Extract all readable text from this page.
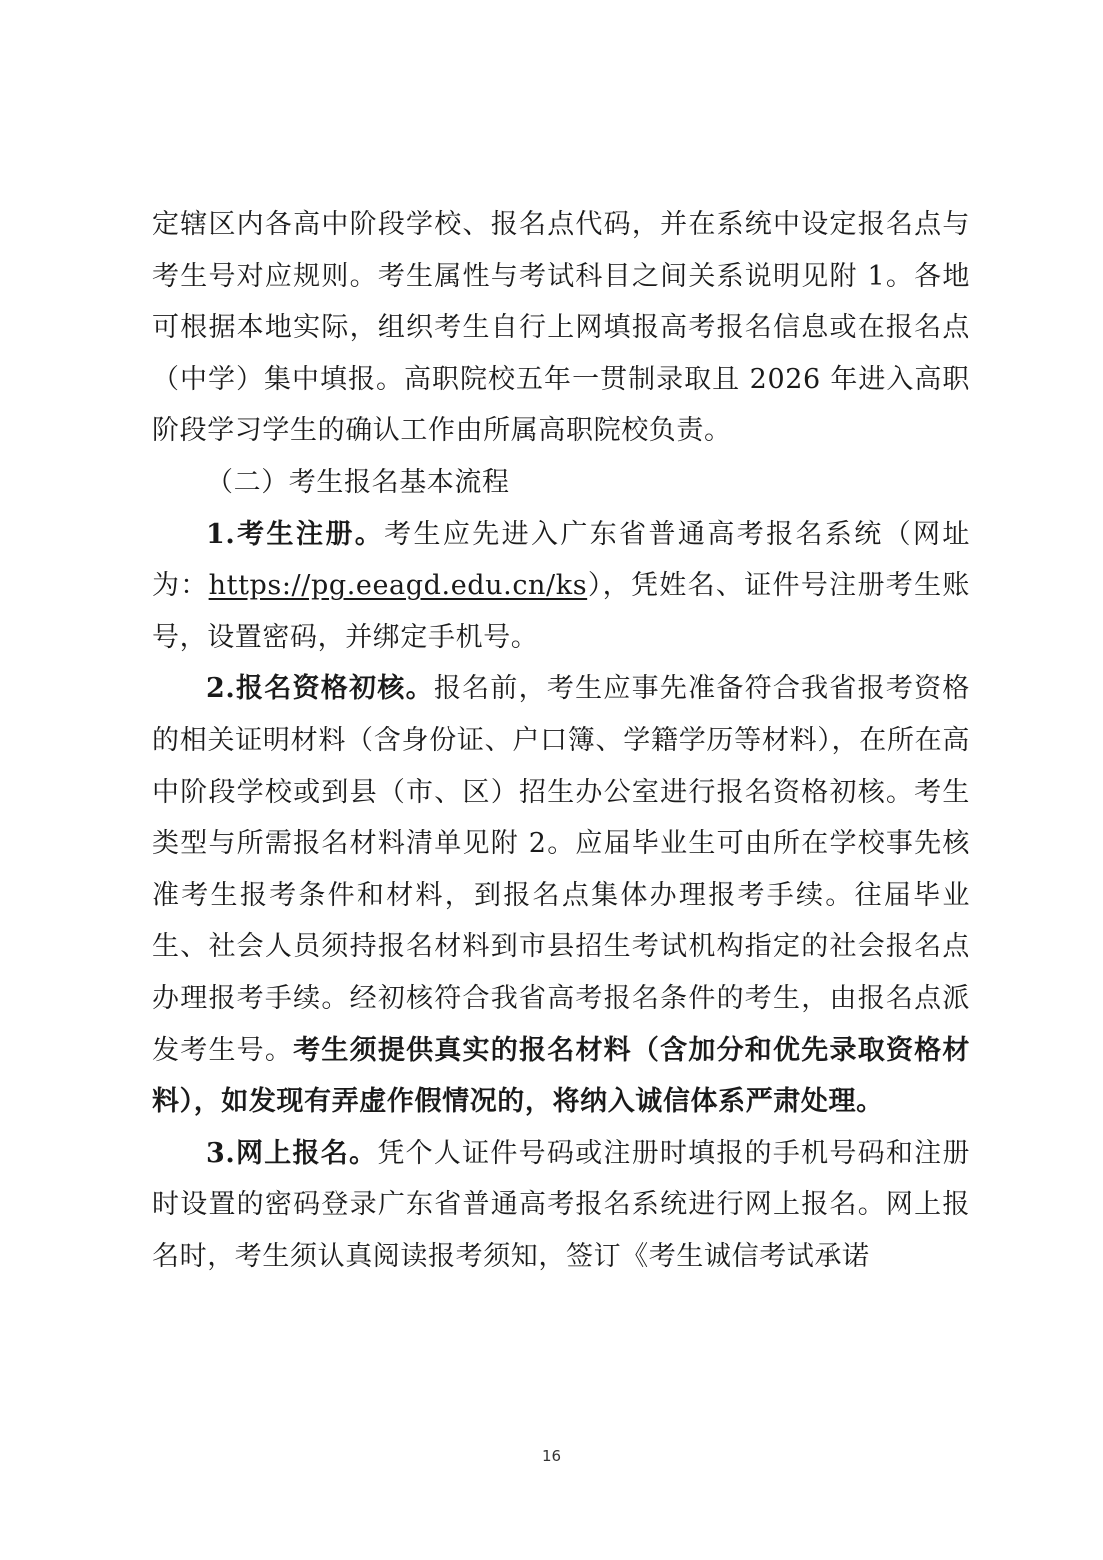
定辖区内各高中阶段学校、报名点代码，并在系统中设定报名点与考生号对应规则。考生属性与考试科目之间关系说明见附 1。各地可根据本地实际，组织考生自行上网填报高考报名信息或在报名点（中学）集中填报。高职院校五年一贯制录取且 2026 年进入高职阶段学习学生的确认工作由所属高职院校负责。

（二）考生报名基本流程

1.考生注册。考生应先进入广东省普通高考报名系统（网址为：https://pg.eeagd.edu.cn/ks），凭姓名、证件号注册考生账号，设置密码，并绑定手机号。

2.报名资格初核。报名前，考生应事先准备符合我省报考资格的相关证明材料（含身份证、户口簿、学籍学历等材料），在所在高中阶段学校或到县（市、区）招生办公室进行报名资格初核。考生类型与所需报名材料清单见附 2。应届毕业生可由所在学校事先核准考生报考条件和材料，到报名点集体办理报考手续。往届毕业生、社会人员须持报名材料到市县招生考试机构指定的社会报名点办理报考手续。经初核符合我省高考报名条件的考生，由报名点派发考生号。考生须提供真实的报名材料（含加分和优先录取资格材料），如发现有弄虚作假情况的，将纳入诚信体系严肃处理。

3.网上报名。凭个人证件号码或注册时填报的手机号码和注册时设置的密码登录广东省普通高考报名系统进行网上报名。网上报名时，考生须认真阅读报考须知，签订《考生诚信考试承诺

16
